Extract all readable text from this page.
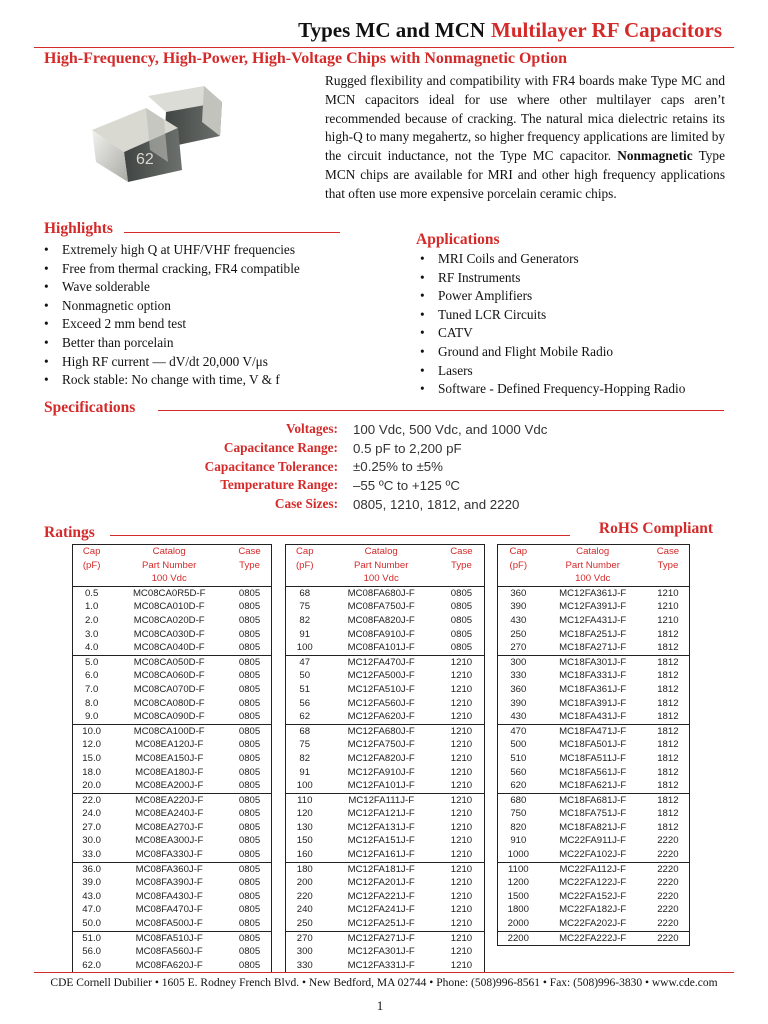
Types MC and MCN Multilayer RF Capacitors
High-Frequency, High-Power, High-Voltage Chips with Nonmagnetic Option
62
Rugged flexibility and compatibility with FR4 boards make Type MC and MCN capacitors ideal for use where other multilayer caps aren’t recommended because of cracking. The natural mica dielectric retains its high-Q to many megahertz, so higher frequency applications are limited by the circuit inductance, not the Type MC capacitor. Nonmagnetic Type MCN chips are available for MRI and other high frequency applications that often use more expensive porcelain ceramic chips.
Highlights
• Extremely high Q at UHF/VHF frequencies
• Free from thermal cracking, FR4 compatible
• Wave solderable
• Nonmagnetic option
• Exceed 2 mm bend test
• Better than porcelain
• High RF current — dV/dt 20,000 V/μs
• Rock stable: No change with time, V & f
Applications
• MRI Coils and Generators
• RF Instruments
• Power Amplifiers
• Tuned LCR Circuits
• CATV
• Ground and Flight Mobile Radio
• Lasers
• Software - Defined Frequency-Hopping Radio
Specifications
Voltages:	100 Vdc, 500 Vdc, and 1000 Vdc
Capacitance Range:	0.5 pF to 2,200 pF
Capacitance Tolerance:	±0.25% to ±5%
Temperature Range:	–55 ºC to +125 ºC
Case Sizes:	0805, 1210, 1812, and 2220
Ratings	RoHS Compliant
Cap	Catalog	Case
(pF)	Part Number	Type
	100 Vdc	
0.5	MC08CA0R5D-F	0805
1.0	MC08CA010D-F	0805
2.0	MC08CA020D-F	0805
3.0	MC08CA030D-F	0805
4.0	MC08CA040D-F	0805
5.0	MC08CA050D-F	0805
6.0	MC08CA060D-F	0805
7.0	MC08CA070D-F	0805
8.0	MC08CA080D-F	0805
9.0	MC08CA090D-F	0805
10.0	MC08CA100D-F	0805
12.0	MC08EA120J-F	0805
15.0	MC08EA150J-F	0805
18.0	MC08EA180J-F	0805
20.0	MC08EA200J-F	0805
22.0	MC08EA220J-F	0805
24.0	MC08EA240J-F	0805
27.0	MC08EA270J-F	0805
30.0	MC08EA300J-F	0805
33.0	MC08FA330J-F	0805
36.0	MC08FA360J-F	0805
39.0	MC08FA390J-F	0805
43.0	MC08FA430J-F	0805
47.0	MC08FA470J-F	0805
50.0	MC08FA500J-F	0805
51.0	MC08FA510J-F	0805
56.0	MC08FA560J-F	0805
62.0	MC08FA620J-F	0805
Cap	Catalog	Case
(pF)	Part Number	Type
	100 Vdc	
68	MC08FA680J-F	0805
75	MC08FA750J-F	0805
82	MC08FA820J-F	0805
91	MC08FA910J-F	0805
100	MC08FA101J-F	0805
47	MC12FA470J-F	1210
50	MC12FA500J-F	1210
51	MC12FA510J-F	1210
56	MC12FA560J-F	1210
62	MC12FA620J-F	1210
68	MC12FA680J-F	1210
75	MC12FA750J-F	1210
82	MC12FA820J-F	1210
91	MC12FA910J-F	1210
100	MC12FA101J-F	1210
110	MC12FA111J-F	1210
120	MC12FA121J-F	1210
130	MC12FA131J-F	1210
150	MC12FA151J-F	1210
160	MC12FA161J-F	1210
180	MC12FA181J-F	1210
200	MC12FA201J-F	1210
220	MC12FA221J-F	1210
240	MC12FA241J-F	1210
250	MC12FA251J-F	1210
270	MC12FA271J-F	1210
300	MC12FA301J-F	1210
330	MC12FA331J-F	1210
Cap	Catalog	Case
(pF)	Part Number	Type
	100 Vdc	
360	MC12FA361J-F	1210
390	MC12FA391J-F	1210
430	MC12FA431J-F	1210
250	MC18FA251J-F	1812
270	MC18FA271J-F	1812
300	MC18FA301J-F	1812
330	MC18FA331J-F	1812
360	MC18FA361J-F	1812
390	MC18FA391J-F	1812
430	MC18FA431J-F	1812
470	MC18FA471J-F	1812
500	MC18FA501J-F	1812
510	MC18FA511J-F	1812
560	MC18FA561J-F	1812
620	MC18FA621J-F	1812
680	MC18FA681J-F	1812
750	MC18FA751J-F	1812
820	MC18FA821J-F	1812
910	MC22FA911J-F	2220
1000	MC22FA102J-F	2220
1100	MC22FA112J-F	2220
1200	MC22FA122J-F	2220
1500	MC22FA152J-F	2220
1800	MC22FA182J-F	2220
2000	MC22FA202J-F	2220
2200	MC22FA222J-F	2220
CDE Cornell Dubilier • 1605 E. Rodney French Blvd. • New Bedford, MA 02744 • Phone: (508)996-8561 • Fax: (508)996-3830 • www.cde.com
1
